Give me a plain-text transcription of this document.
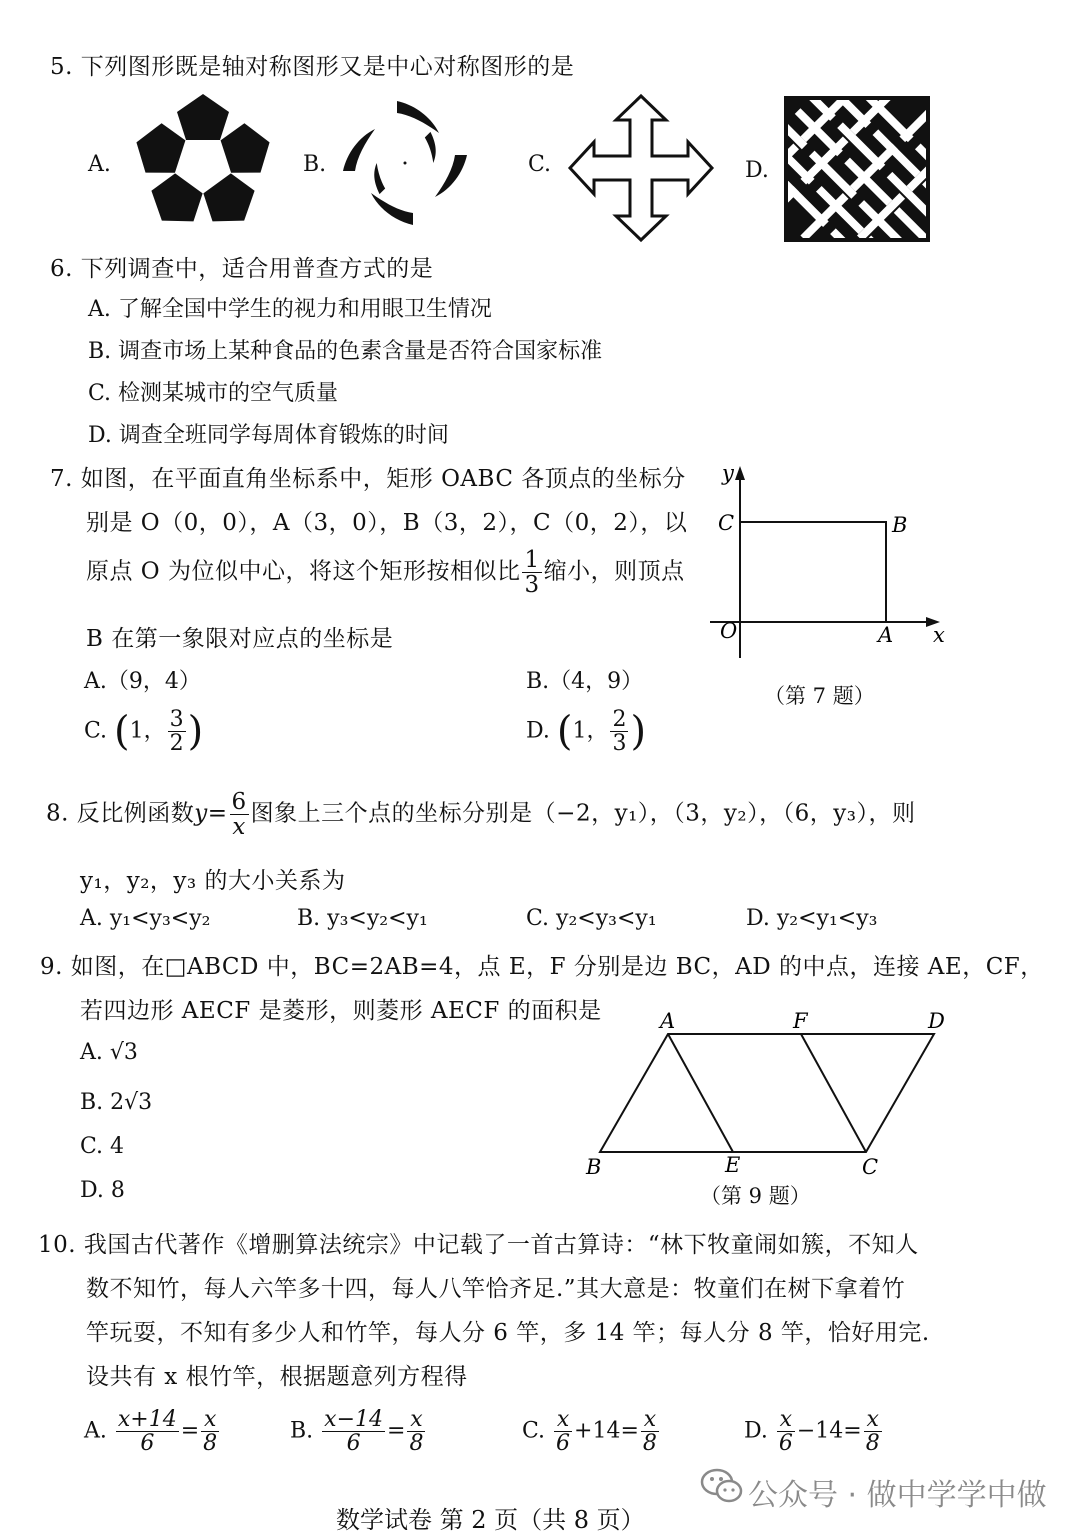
5. 下列图形既是轴对称图形又是中心对称图形的是
A.	B.	C.	D.
6. 下列调查中，适合用普查方式的是
A. 了解全国中学生的视力和用眼卫生情况
B. 调查市场上某种食品的色素含量是否符合国家标准
C. 检测某城市的空气质量
D. 调查全班同学每周体育锻炼的时间
7. 如图，在平面直角坐标系中，矩形 OABC 各顶点的坐标分
别是 O（0，0），A（3，0），B（3，2），C（0，2），以
原点 O 为位似中心，将这个矩形按相似比 $\frac{1}{3}$ 缩小，则顶点
B 在第一象限对应点的坐标是
A.（9，4）	B.（4，9）
C. (1， $\frac{3}{2}$ )	D. (1， $\frac{2}{3}$ )
y
x
C	B
O	A
（第 7 题）
8. 反比例函数$y= \frac{6}{x}$ 图象上三个点的坐标分别是（−2，y₁），（3，y₂），（6，y₃），则
y₁，y₂，y₃ 的大小关系为
A. y₁<y₃<y₂	B. y₃<y₂<y₁	C. y₂<y₃<y₁	D. y₂<y₁<y₃
9. 如图，在□ABCD 中，BC=2AB=4，点 E，F 分别是边 BC，AD 的中点，连接 AE，CF，
若四边形 AECF 是菱形，则菱形 AECF 的面积是
A. √3
B. 2√3
C. 4
D. 8
A	F	D
B	E	C
（第 9 题）
10. 我国古代著作《增删算法统宗》中记载了一首古算诗：“林下牧童闹如簇，不知人
数不知竹，每人六竿多十四，每人八竿恰齐足.”其大意是：牧童们在树下拿着竹
竿玩耍，不知有多少人和竹竿，每人分 6 竿，多 14 竿；每人分 8 竿，恰好用完.
设共有 x 根竹竿，根据题意列方程得
A. $\frac{x+14}{6} = \frac{x}{8}$	B. $\frac{x-14}{6} = \frac{x}{8}$	C. $\frac{x}{6} +14= \frac{x}{8}$	D. $\frac{x}{6} -14= \frac{x}{8}$
公众号 · 做中学学中做
数学试卷 第 2 页（共 8 页）
